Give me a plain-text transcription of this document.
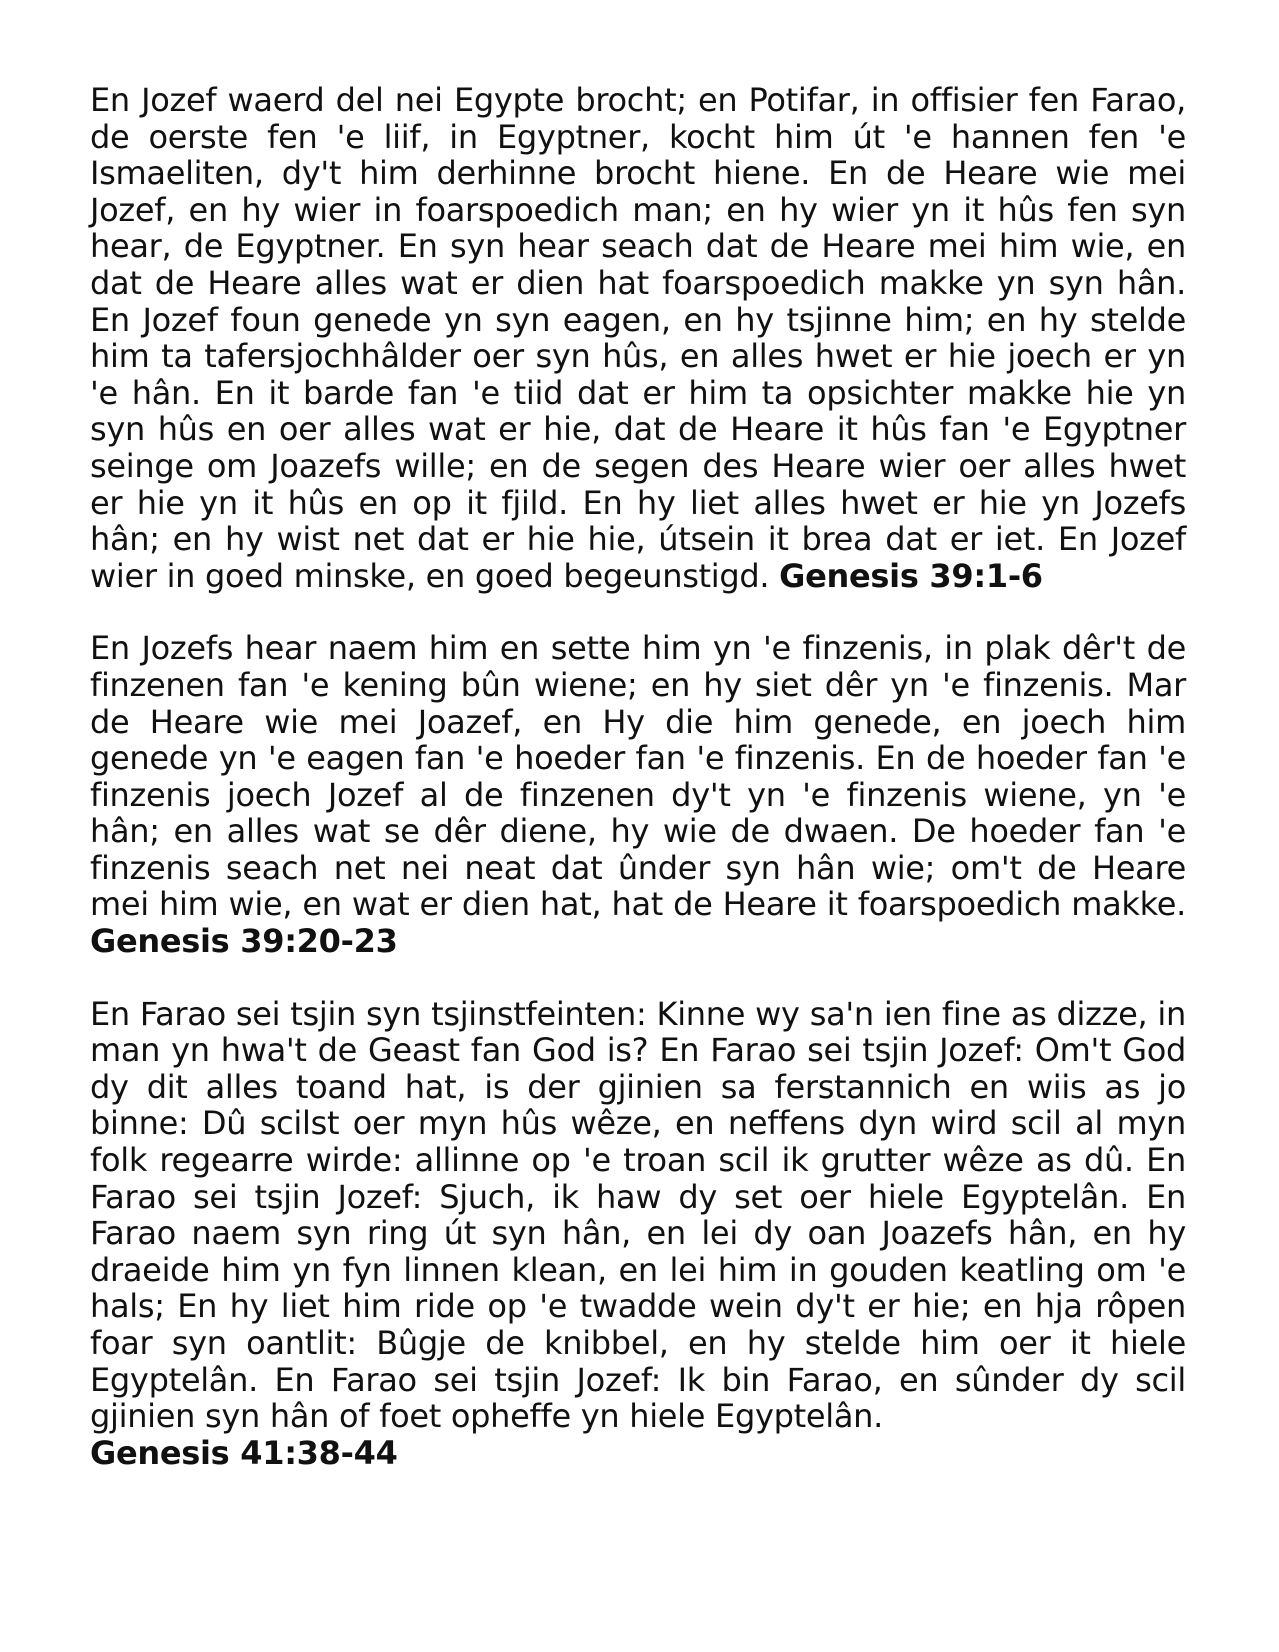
En Jozef waerd del nei Egypte brocht; en Potifar, in offisier fen Farao, de oerste fen 'e liif, in Egyptner, kocht him út 'e hannen fen 'e Ismaeliten, dy't him derhinne brocht hiene. En de Heare wie mei Jozef, en hy wier in foarspoedich man; en hy wier yn it hûs fen syn hear, de Egyptner. En syn hear seach dat de Heare mei him wie, en dat de Heare alles wat er dien hat foarspoedich makke yn syn hân. En Jozef foun genede yn syn eagen, en hy tsjinne him; en hy stelde him ta tafersjochhâlder oer syn hûs, en alles hwet er hie joech er yn 'e hân. En it barde fan 'e tiid dat er him ta opsichter makke hie yn syn hûs en oer alles wat er hie, dat de Heare it hûs fan 'e Egyptner seinge om Joazefs wille; en de segen des Heare wier oer alles hwet er hie yn it hûs en op it fjild. En hy liet alles hwet er hie yn Jozefs hân; en hy wist net dat er hie hie, útsein it brea dat er iet. En Jozef wier in goed minske, en goed begeunstigd. Genesis 39:1-6

En Jozefs hear naem him en sette him yn 'e finzenis, in plak dêr't de finzenen fan 'e kening bûn wiene; en hy siet dêr yn 'e finzenis. Mar de Heare wie mei Joazef, en Hy die him genede, en joech him genede yn 'e eagen fan 'e hoeder fan 'e finzenis. En de hoeder fan 'e finzenis joech Jozef al de finzenen dy't yn 'e finzenis wiene, yn 'e hân; en alles wat se dêr diene, hy wie de dwaen. De hoeder fan 'e finzenis seach net nei neat dat ûnder syn hân wie; om't de Heare mei him wie, en wat er dien hat, hat de Heare it foarspoedich makke. Genesis 39:20-23

En Farao sei tsjin syn tsjinstfeinten: Kinne wy sa'n ien fine as dizze, in man yn hwa't de Geast fan God is? En Farao sei tsjin Jozef: Om't God dy dit alles toand hat, is der gjinien sa ferstannich en wiis as jo binne: Dû scilst oer myn hûs wêze, en neffens dyn wird scil al myn folk regearre wirde: allinne op 'e troan scil ik grutter wêze as dû. En Farao sei tsjin Jozef: Sjuch, ik haw dy set oer hiele Egyptelân. En Farao naem syn ring út syn hân, en lei dy oan Joazefs hân, en hy draeide him yn fyn linnen klean, en lei him in gouden keatling om 'e hals; En hy liet him ride op 'e twadde wein dy't er hie; en hja rôpen foar syn oantlit: Bûgje de knibbel, en hy stelde him oer it hiele Egyptelân. En Farao sei tsjin Jozef: Ik bin Farao, en sûnder dy scil gjinien syn hân of foet opheffe yn hiele Egyptelân.
Genesis 41:38-44
